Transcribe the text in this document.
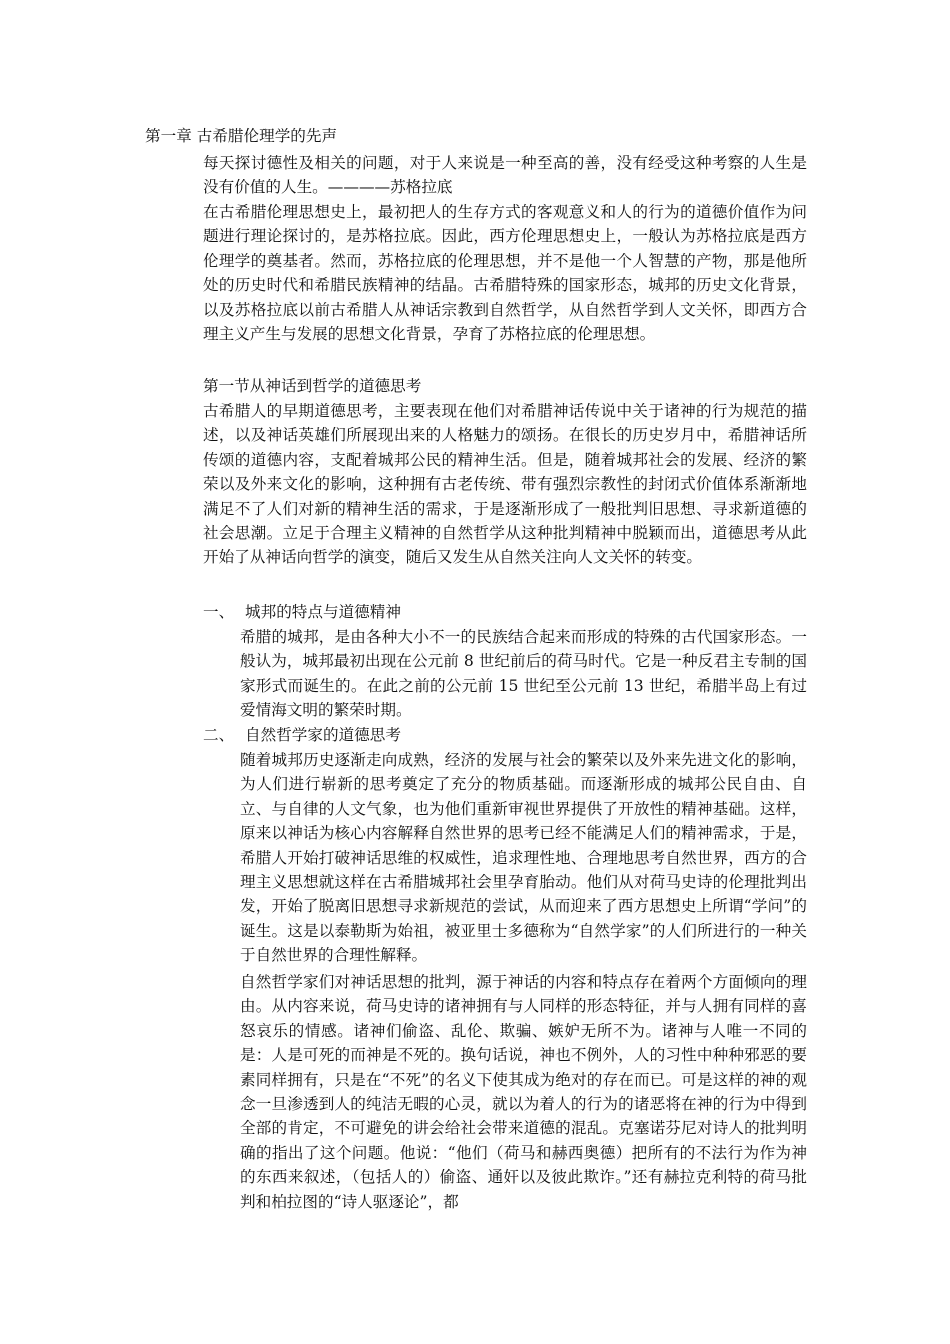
第一章 古希腊伦理学的先声

每天探讨德性及相关的问题，对于人来说是一种至高的善，没有经受这种考察的人生是没有价值的人生。————苏格拉底

在古希腊伦理思想史上，最初把人的生存方式的客观意义和人的行为的道德价值作为问题进行理论探讨的，是苏格拉底。因此，西方伦理思想史上，一般认为苏格拉底是西方伦理学的奠基者。然而，苏格拉底的伦理思想，并不是他一个人智慧的产物，那是他所处的历史时代和希腊民族精神的结晶。古希腊特殊的国家形态，城邦的历史文化背景，以及苏格拉底以前古希腊人从神话宗教到自然哲学，从自然哲学到人文关怀，即西方合理主义产生与发展的思想文化背景，孕育了苏格拉底的伦理思想。

第一节从神话到哲学的道德思考

古希腊人的早期道德思考，主要表现在他们对希腊神话传说中关于诸神的行为规范的描述，以及神话英雄们所展现出来的人格魅力的颂扬。在很长的历史岁月中，希腊神话所传颂的道德内容，支配着城邦公民的精神生活。但是，随着城邦社会的发展、经济的繁荣以及外来文化的影响，这种拥有古老传统、带有强烈宗教性的封闭式价值体系渐渐地满足不了人们对新的精神生活的需求，于是逐渐形成了一般批判旧思想、寻求新道德的社会思潮。立足于合理主义精神的自然哲学从这种批判精神中脱颖而出，道德思考从此开始了从神话向哲学的演变，随后又发生从自然关注向人文关怀的转变。

一、 城邦的特点与道德精神

希腊的城邦，是由各种大小不一的民族结合起来而形成的特殊的古代国家形态。一般认为，城邦最初出现在公元前 8 世纪前后的荷马时代。它是一种反君主专制的国家形式而诞生的。在此之前的公元前 15 世纪至公元前 13 世纪，希腊半岛上有过爱情海文明的繁荣时期。

二、 自然哲学家的道德思考

随着城邦历史逐渐走向成熟，经济的发展与社会的繁荣以及外来先进文化的影响，为人们进行崭新的思考奠定了充分的物质基础。而逐渐形成的城邦公民自由、自立、与自律的人文气象，也为他们重新审视世界提供了开放性的精神基础。这样，原来以神话为核心内容解释自然世界的思考已经不能满足人们的精神需求，于是，希腊人开始打破神话思维的权威性，追求理性地、合理地思考自然世界，西方的合理主义思想就这样在古希腊城邦社会里孕育胎动。他们从对荷马史诗的伦理批判出发，开始了脱离旧思想寻求新规范的尝试，从而迎来了西方思想史上所谓“学问”的诞生。这是以泰勒斯为始祖，被亚里士多德称为“自然学家”的人们所进行的一种关于自然世界的合理性解释。

自然哲学家们对神话思想的批判，源于神话的内容和特点存在着两个方面倾向的理由。从内容来说，荷马史诗的诸神拥有与人同样的形态特征，并与人拥有同样的喜怒哀乐的情感。诸神们偷盗、乱伦、欺骗、嫉妒无所不为。诸神与人唯一不同的是：人是可死的而神是不死的。换句话说，神也不例外，人的习性中种种邪恶的要素同样拥有，只是在“不死”的名义下使其成为绝对的存在而已。可是这样的神的观念一旦渗透到人的纯洁无暇的心灵，就以为着人的行为的诸恶将在神的行为中得到全部的肯定，不可避免的讲会给社会带来道德的混乱。克塞诺芬尼对诗人的批判明确的指出了这个问题。他说：“他们（荷马和赫西奥德）把所有的不法行为作为神的东西来叙述，（包括人的）偷盗、通奸以及彼此欺诈。”还有赫拉克利特的荷马批判和柏拉图的“诗人驱逐论”，都
